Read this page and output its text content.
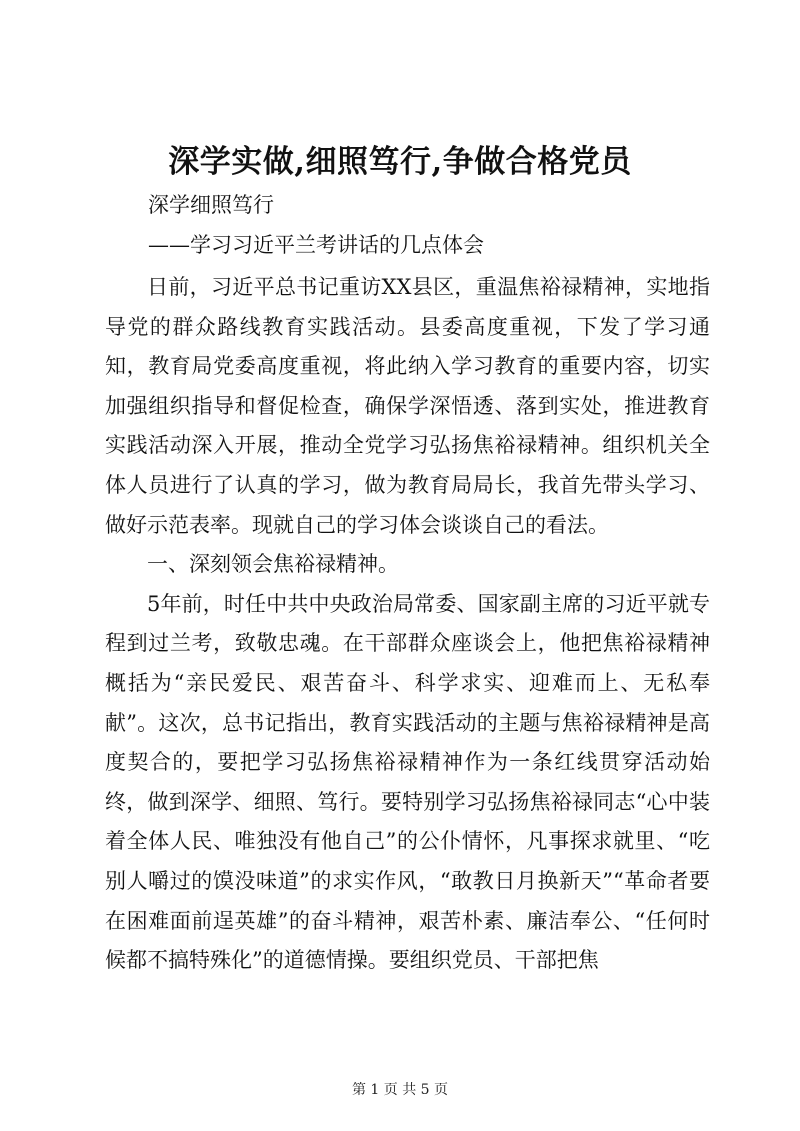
深学实做,细照笃行,争做合格党员
深学细照笃行
——学习习近平兰考讲话的几点体会

日前，习近平总书记重访XX县区，重温焦裕禄精神，实地指导党的群众路线教育实践活动。县委高度重视，下发了学习通知，教育局党委高度重视，将此纳入学习教育的重要内容，切实加强组织指导和督促检查，确保学深悟透、落到实处，推进教育实践活动深入开展，推动全党学习弘扬焦裕禄精神。组织机关全体人员进行了认真的学习，做为教育局局长，我首先带头学习、做好示范表率。现就自己的学习体会谈谈自己的看法。

一、深刻领会焦裕禄精神。

5年前，时任中共中央政治局常委、国家副主席的习近平就专程到过兰考，致敬忠魂。在干部群众座谈会上，他把焦裕禄精神概括为“亲民爱民、艰苦奋斗、科学求实、迎难而上、无私奉献”。这次，总书记指出，教育实践活动的主题与焦裕禄精神是高度契合的，要把学习弘扬焦裕禄精神作为一条红线贯穿活动始终，做到深学、细照、笃行。要特别学习弘扬焦裕禄同志“心中装着全体人民、唯独没有他自己”的公仆情怀，凡事探求就里、“吃别人嚼过的馍没味道”的求实作风，“敢教日月换新天”“革命者要在困难面前逞英雄”的奋斗精神，艰苦朴素、廉洁奉公、“任何时候都不搞特殊化”的道德情操。要组织党员、干部把焦

第 1 页 共 5 页
